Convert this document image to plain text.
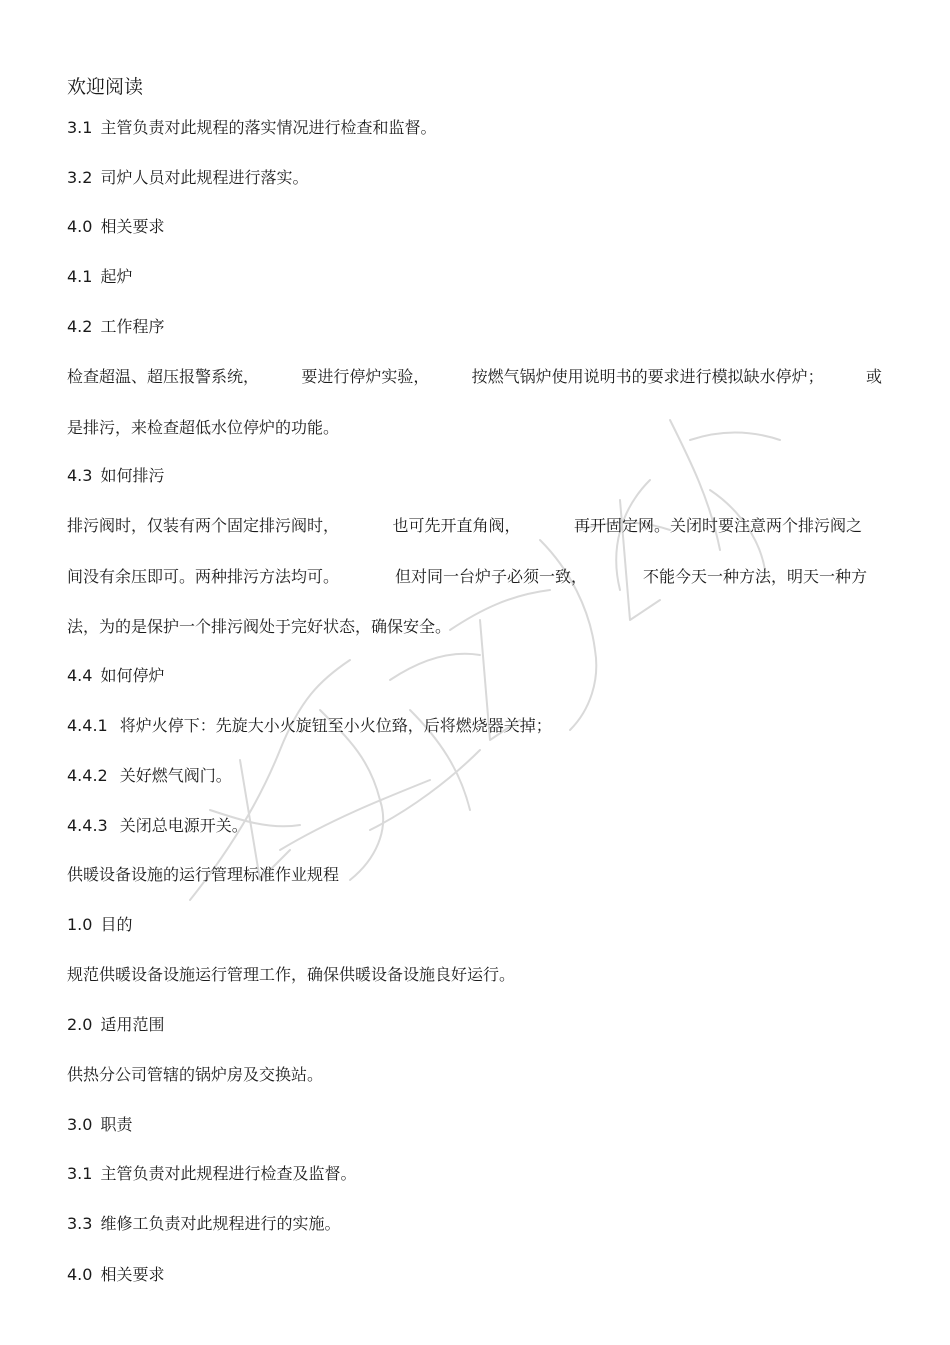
欢迎阅读
3.1 主管负责对此规程的落实情况进行检查和监督。
3.2 司炉人员对此规程进行落实。
4.0 相关要求
4.1 起炉
4.2 工作程序
检查超温、超压报警系统，	要进行停炉实验，	按燃气锅炉使用说明书的要求进行模拟缺水停炉；	或
是排污，来检查超低水位停炉的功能。
4.3 如何排污
排污阀时，仅装有两个固定排污阀时，	也可先开直角阀，	再开固定网。关闭时要注意两个排污阀之
间没有余压即可。两种排污方法均可。	但对同一台炉子必须一致，	不能今天一种方法，明天一种方
法，为的是保护一个排污阀处于完好状态，确保安全。
4.4 如何停炉
4.4.1 将炉火停下：先旋大小火旋钮至小火位臵，后将燃烧器关掉；
4.4.2 关好燃气阀门。
4.4.3 关闭总电源开关。
供暖设备设施的运行管理标准作业规程
1.0 目的
规范供暖设备设施运行管理工作，确保供暖设备设施良好运行。
2.0 适用范围
供热分公司管辖的锅炉房及交换站。
3.0 职责
3.1 主管负责对此规程进行检查及监督。
3.3 维修工负责对此规程进行的实施。
4.0 相关要求
